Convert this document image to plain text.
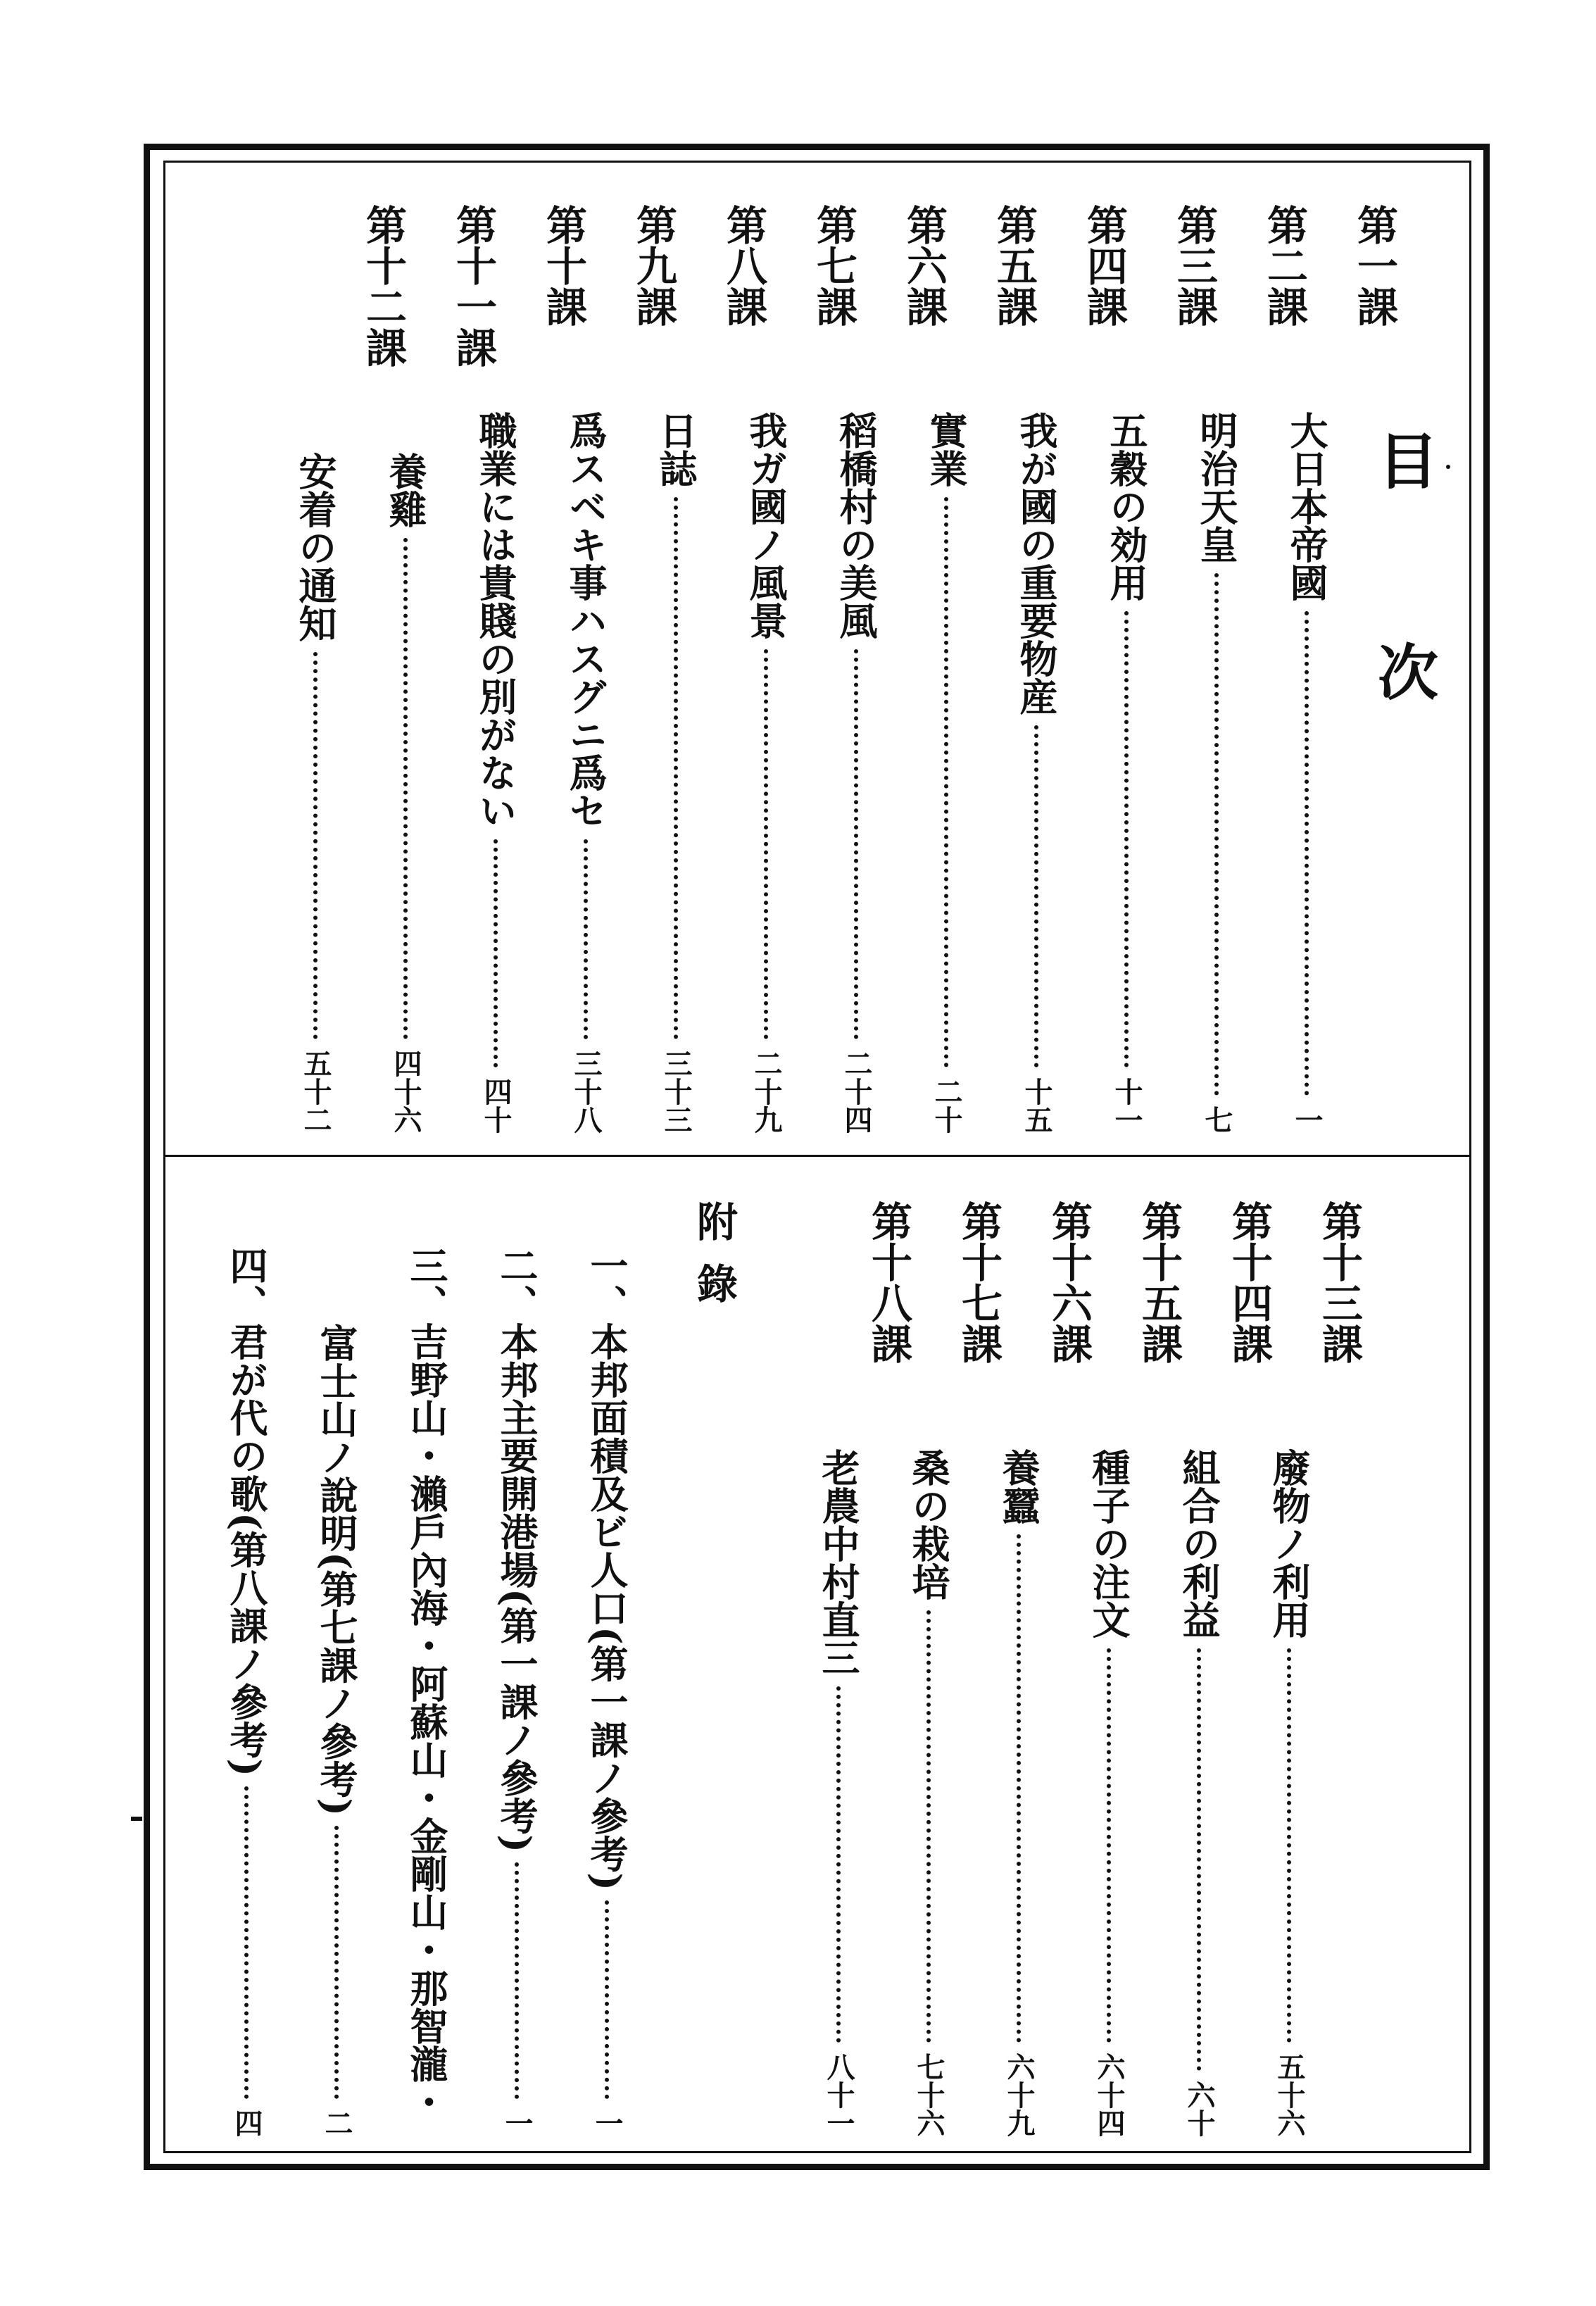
目　次
第一課
大日本帝國
一
第二課
明治天皇
七
第三課
五穀の効用
十一
第四課
我が國の重要物産
十五
第五課
實業
二十
第六課
稻橋村の美風
二十四
第七課
我ガ國ノ風景
二十九
第八課
日誌
三十三
第九課
爲スベキ事ハスグニ爲セ
三十八
第十課
職業には貴賤の別がない
四十
第十一課
養雞
四十六
第十二課
安着の通知
五十二
第十三課
廢物ノ利用
五十六
第十四課
組合の利益
六十
第十五課
種子の注文
六十四
第十六課
養蠶
六十九
第十七課
桑の栽培
七十六
第十八課
老農中村直三
八十一
附錄
一、本邦面積及ビ人口(第一課ノ參考)
一
二、本邦主要開港場(第一課ノ參考)
一
三、吉野山・瀨戶內海・阿蘇山・金剛山・那智瀧・
富士山ノ說明(第七課ノ參考)
二
四、君が代の歌(第八課ノ參考)
四
